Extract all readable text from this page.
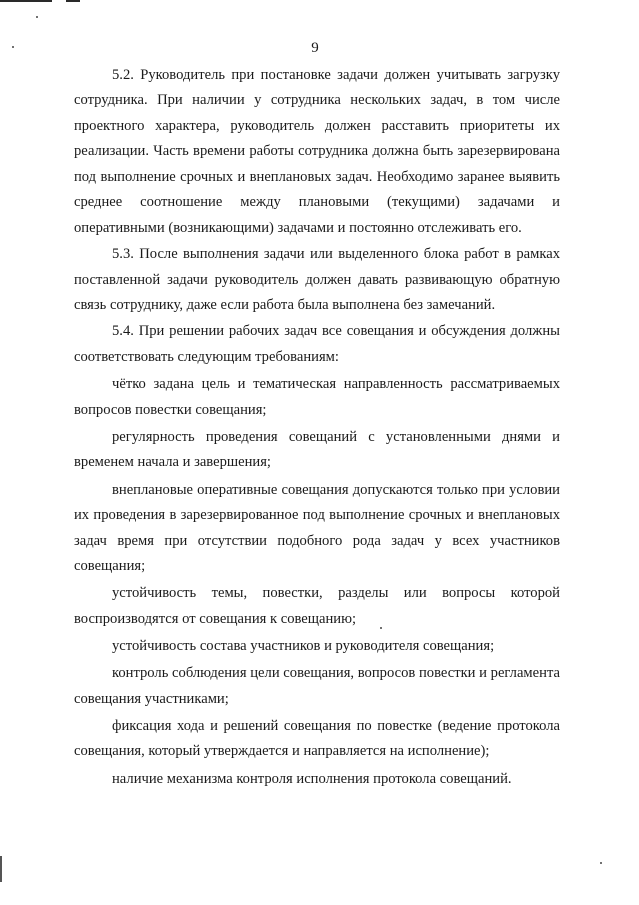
9

5.2. Руководитель при постановке задачи должен учитывать загрузку сотрудника. При наличии у сотрудника нескольких задач, в том числе проектного характера, руководитель должен расставить приоритеты их реализации. Часть времени работы сотрудника должна быть зарезервирована под выполнение срочных и внеплановых задач. Необходимо заранее выявить среднее соотношение между плановыми (текущими) задачами и оперативными (возникающими) задачами и постоянно отслеживать его.

5.3. После выполнения задачи или выделенного блока работ в рамках поставленной задачи руководитель должен давать развивающую обратную связь сотруднику, даже если работа была выполнена без замечаний.

5.4. При решении рабочих задач все совещания и обсуждения должны соответствовать следующим требованиям:

чётко задана цель и тематическая направленность рассматриваемых вопросов повестки совещания;

регулярность проведения совещаний с установленными днями и временем начала и завершения;

внеплановые оперативные совещания допускаются только при условии их проведения в зарезервированное под выполнение срочных и внеплановых задач время при отсутствии подобного рода задач у всех участников совещания;

устойчивость темы, повестки, разделы или вопросы которой воспроизводятся от совещания к совещанию;

устойчивость состава участников и руководителя совещания;

контроль соблюдения цели совещания, вопросов повестки и регламента совещания участниками;

фиксация хода и решений совещания по повестке (ведение протокола совещания, который утверждается и направляется на исполнение);

наличие механизма контроля исполнения протокола совещаний.
